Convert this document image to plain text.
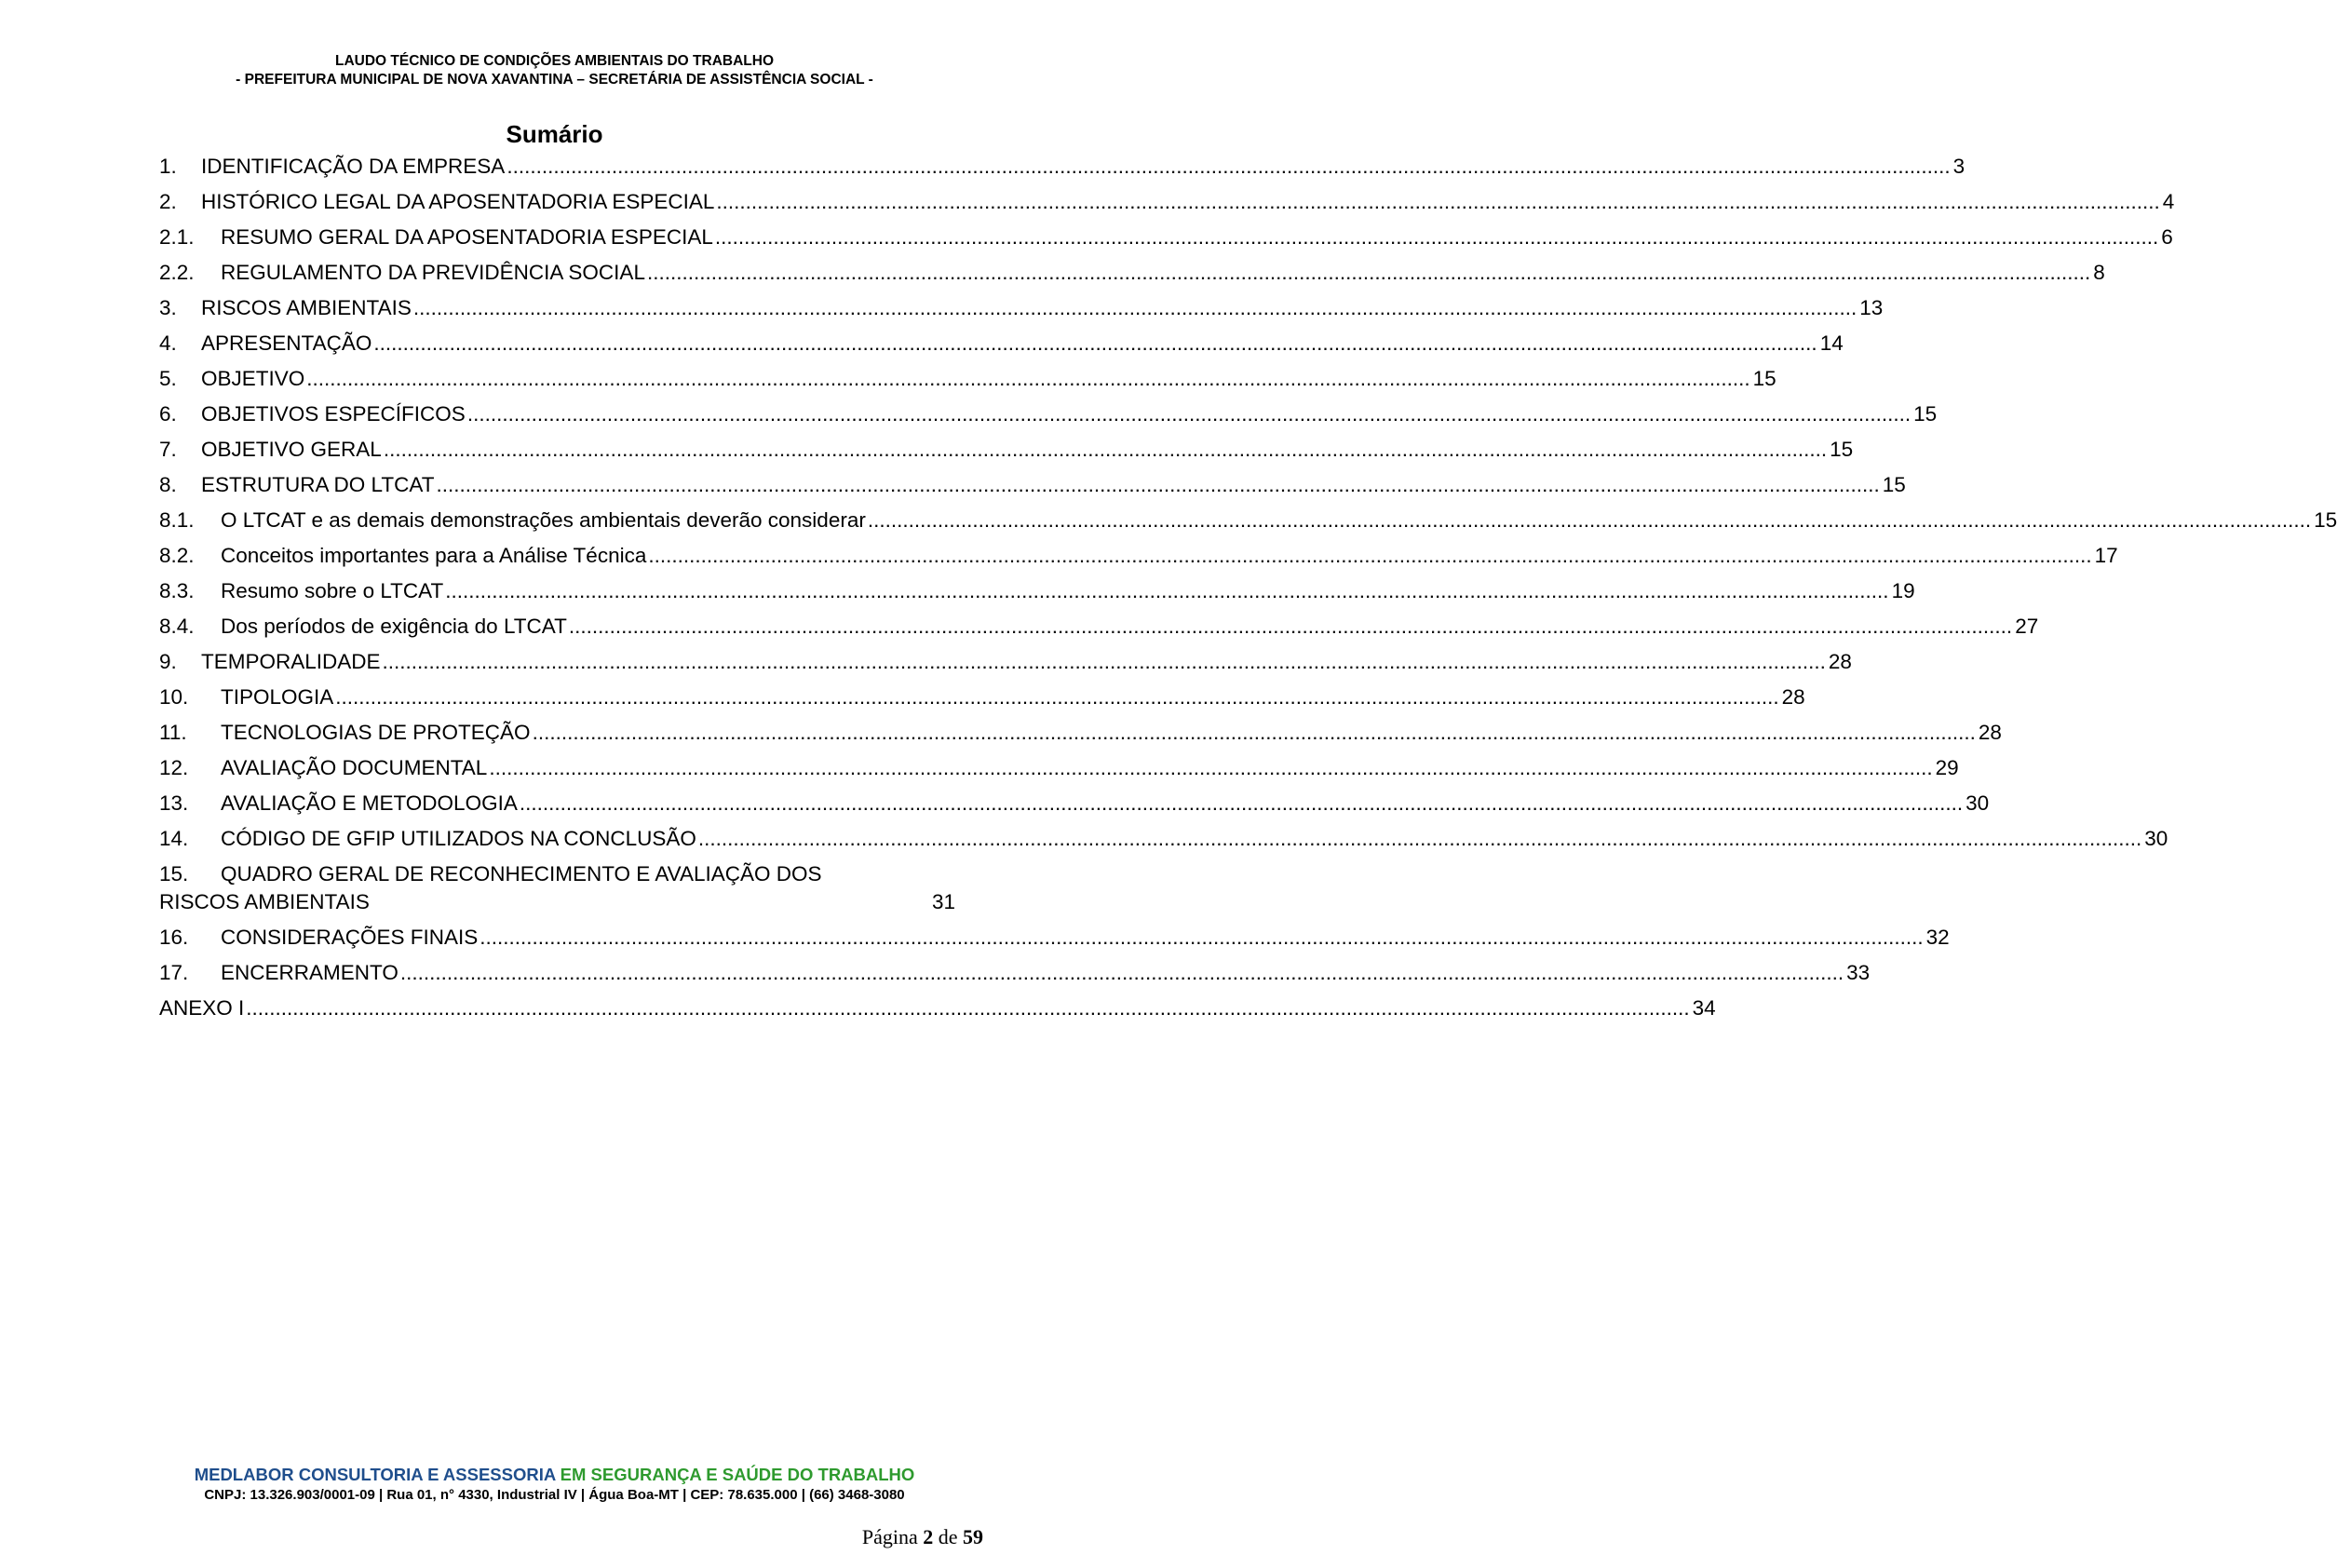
LAUDO TÉCNICO DE CONDIÇÕES AMBIENTAIS DO TRABALHO
- PREFEITURA MUNICIPAL DE NOVA XAVANTINA – SECRETÁRIA DE ASSISTÊNCIA SOCIAL -
Sumário
1.	IDENTIFICAÇÃO DA EMPRESA .....	3
2.	HISTÓRICO LEGAL DA APOSENTADORIA ESPECIAL .....	4
2.1.	RESUMO GERAL DA APOSENTADORIA ESPECIAL .....	6
2.2.	REGULAMENTO DA PREVIDÊNCIA SOCIAL .....	8
3.	RISCOS AMBIENTAIS .....	13
4.	APRESENTAÇÃO .....	14
5.	OBJETIVO .....	15
6.	OBJETIVOS ESPECÍFICOS .....	15
7.	OBJETIVO GERAL .....	15
8.	ESTRUTURA DO LTCAT .....	15
8.1.	O LTCAT e as demais demonstrações ambientais deverão considerar .....	15
8.2.	Conceitos importantes para a Análise Técnica .....	17
8.3.	Resumo sobre o LTCAT .....	19
8.4.	Dos períodos de exigência do LTCAT .....	27
9.	TEMPORALIDADE .....	28
10.	TIPOLOGIA .....	28
11.	TECNOLOGIAS DE PROTEÇÃO .....	28
12.	AVALIAÇÃO DOCUMENTAL .....	29
13.	AVALIAÇÃO E METODOLOGIA .....	30
14.	CÓDIGO DE GFIP UTILIZADOS NA CONCLUSÃO .....	30
15.	QUADRO GERAL DE RECONHECIMENTO E AVALIAÇÃO DOS
RISCOS AMBIENTAIS	31
16.	CONSIDERAÇÕES FINAIS .....	32
17.	ENCERRAMENTO .....	33
ANEXO I .....	34
MEDLABOR CONSULTORIA E ASSESSORIA EM SEGURANÇA E SAÚDE DO TRABALHO
CNPJ: 13.326.903/0001-09 | Rua 01, n° 4330, Industrial IV | Água Boa-MT | CEP: 78.635.000 | (66) 3468-3080
Página 2 de 59
